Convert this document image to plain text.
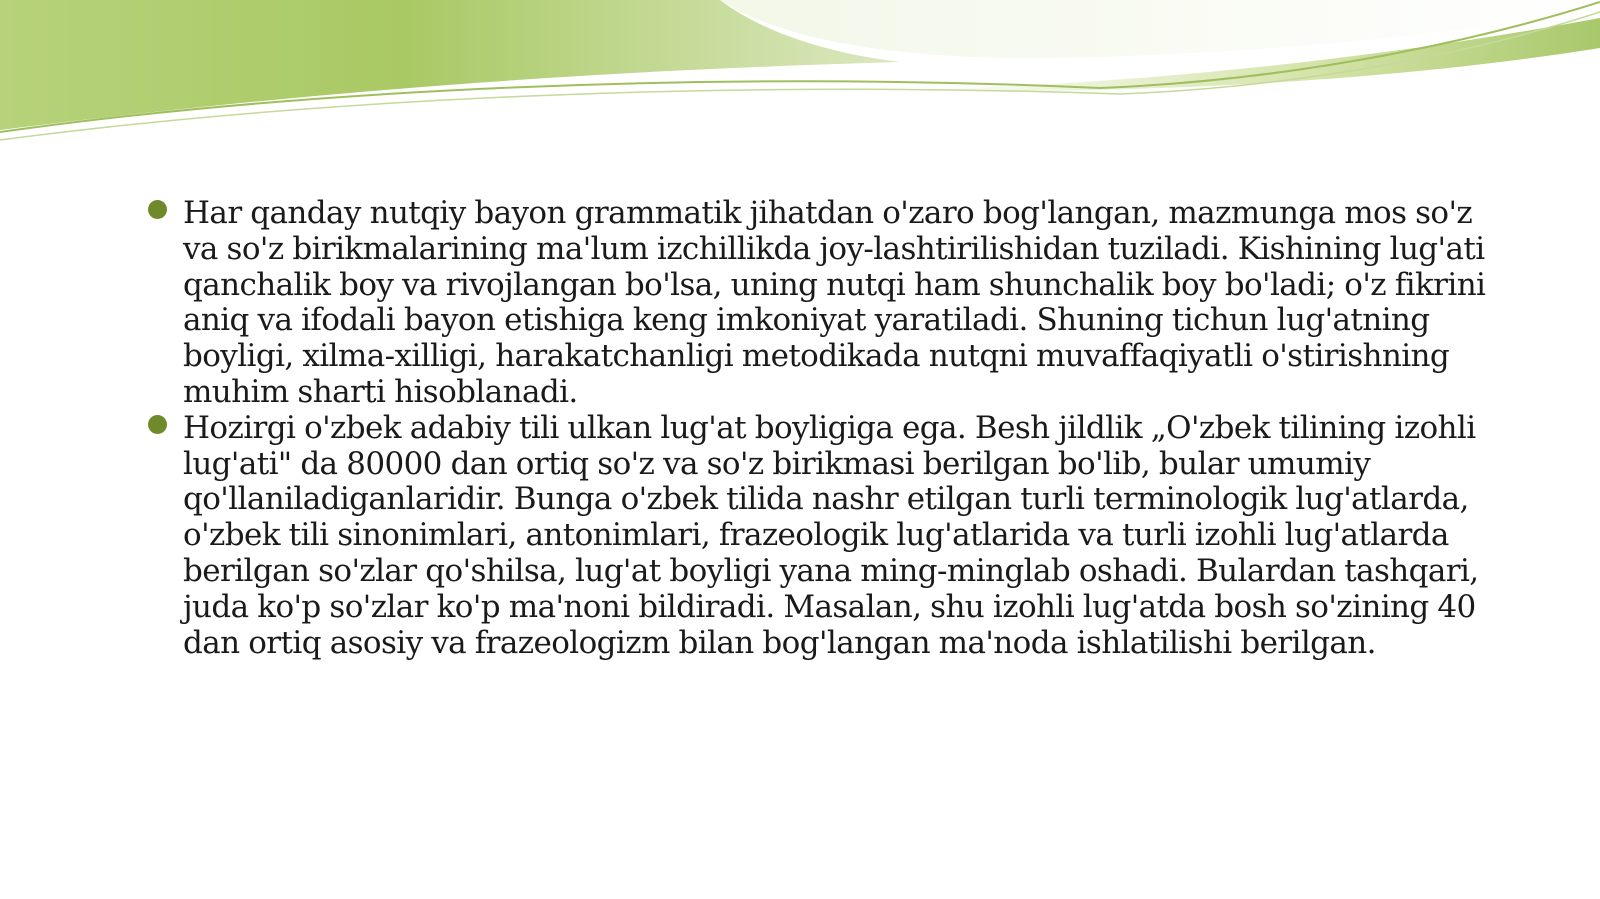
Har qanday nutqiy bayon grammatik jihatdan o'zaro bog'langan, mazmunga mos so'z va so'z birikmalarining ma'lum izchillikda joy-lashtirilishidan tuziladi. Kishining lug'ati qanchalik boy va rivojlangan bo'lsa, uning nutqi ham shunchalik boy bo'ladi; o'z fikrini aniq va ifodali bayon etishiga keng imkoniyat yaratiladi. Shuning tichun lug'atning boyligi, xilma-xilligi, harakatchanligi metodikada nutqni muvaffaqiyatli o'stirishning muhim sharti hisoblanadi.
Hozirgi o'zbek adabiy tili ulkan lug'at boyligiga ega. Besh jildlik „O'zbek tilining izohli lug'ati" da 80000 dan ortiq so'z va so'z birikmasi berilgan bo'lib, bular umumiy qo'llaniladiganlaridir. Bunga o'zbek tilida nashr etilgan turli terminologik lug'atlarda, o'zbek tili sinonimlari, antonimlari, frazeologik lug'atlarida va turli izohli lug'atlarda berilgan so'zlar qo'shilsa, lug'at boyligi yana ming-minglab oshadi. Bulardan tashqari, juda ko'p so'zlar ko'p ma'noni bildiradi. Masalan, shu izohli lug'atda bosh so'zining 40 dan ortiq asosiy va frazeologizm bilan bog'langan ma'noda ishlatilishi berilgan.
